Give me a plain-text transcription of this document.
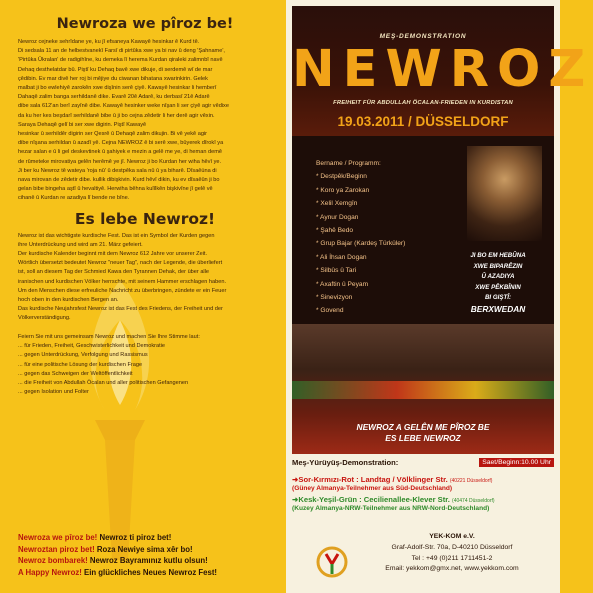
Newroza we pîroz be!

Newroz cejneke sehrîdane ye, ku jî efsaneya Kawayê hesinkar ê Kurd tê.
Di sedsala 11 an de helbestvanekî Farsî di pirtûka xwe ya bi nav û deng 'Şahname',
'Pirtûka Ûkralan' de radigihîne, ku demeka lî herema Kurdan qiraleki zalimnbî navê
Dehaq desthelatdar bû. Piştî ku Dehaq bavê xwe dikuje, di serdemê wî de mar
çêdibin. Ev mar divê her roj bi mêjiye du ciwanan bihatana xwarinkirin. Gelek
malbat ji bo ewlehiyê zarokên xwe dişînin serê çiyê. Kawayê hesinkar li hemberî
Dahaqê zalim banga serhildanê dike. Evarê 20ê Adarê, ku derbasî 21ê Adarê
dibe sala 612'an berî zayînê dibe. Kawayê hesinker weke nîşan li ser çiyê agir vêdixe
da ku her kes beşdarî serhildanê bibe û ji bo cejna zêdetir li her derê agir vêxin.
Saraya Dehaqê gelî bi ser xwe digirin. Piştî Kawayê
hesinkar û serhildêr digirin ser Qesrê û Dehaqê zalim dikujin. Bi vê yekê agir
dibe nîşana serhildan û azadî yê. Cejna NEWROZ ê bi serê xwe, bûyerek dîrokî ya
hezar salan e û li gel deskevtinek û şahiyek e mezin a gelê me ye, di heman demê
de rûmeteke mirovatiya gelên herêmê ye jî. Newroz ji bo Kurdan her wiha hêvî ye.
Ji ber ku Newroz tê wateya 'roja nû' û destpêka sala nû û ya biharê. Dîsaêüna di
nava mirovan de zêdetir dibe. kullik dibişkivin. Kurd hêvî dikin, ku ev dîsaêûn ji bo
gelan bibe bingeha aştî û hevaltiyê. Herwiha bêhna kulîlkên bişkivîne jî gelê vê
cihanê û Kurdan re azadiya lî bende ne bîne.

Es lebe Newroz!

Newroz ist das wichtigste kurdische Fest. Das ist ein Symbol der Kurden gegen
ihre Unterdrückung und wird am 21. März gefeiert.
Der kurdische Kalender beginnt mit dem Newroz 612 Jahre vor unserer Zeit.
Wörtlich übersetzt bedeutet Newroz "neuer Tag", nach der Legende, die überliefert
ist, soll an diesem Tag der Schmied Kawa den Tyrannen Dehak, der über alle
iranischen und kurdischen Völker herrschte, mit seinem Hammer erschlagen haben.
Um den Menschen diese erfreuliche Nachricht zu überbringen, zündete er ein Feuer
hoch oben in den kurdischen Bergen an.
Das kurdische Neujahrsfest Newroz ist das Fest des Friedens, der Freiheit und der
Völkerverständigung.

Feiern Sie mit uns gemeinsam Newroz und machen Sie Ihre Stimme laut:
... für Frieden, Freiheit, Geschwisterlichkeit und Demokratie
... gegen Unterdrückung, Verfolgung und Rassismus
... für eine politische Lösung der kurdischen Frage
... gegen das Schweigen der Weltöffentlichkeit
... die Freiheit von Abdullah Öcalan und aller politischen Gefangenen
... gegen Isolation und Folter

Newroza we pîroz be! Newroz ti piroz bet!
Newroztan piroz bet! Roza Newiye sima xêr bo!
Newroz bombarek! Newroz Bayramınız kutlu olsun!
A Happy Newroz! Ein glückliches Neues Newroz Fest!
MEŞ-DEMONSTRATION
NEWROZ
FREIHEIT FÜR ABDULLAH ÖCALAN-FRIEDEN IN KURDISTAN
19.03.2011 / DÜSSELDORF
Bername / Programm:
* Destpêk/Beginn
* Koro ya Zarokan
* Xelil Xemgîn
* Aynur Dogan
* Şahê Bedo
* Grup Bajar (Kardeş Türküler)
* Ali İhsan Dogan
* Silbûs û Tari
* Axaftin û Peyam
* Sinevizyon
* Govend
JI BO EM HEBÛNA
XWE BIPARÊZIN
Û AZADIYA
XWE PÊKBÎNIN
BI GIŞTÎ:
BERXWEDAN
NEWROZ A GELÊN ME PÎROZ BE
ES LEBE NEWROZ
Meş-Yürüyüş-Demonstration:	Saet/Beginn:10.00 Uhr
➜Sor-Kırmızı-Rot : Landtag / Völklinger Str. (40221 Düsseldorf)
(Güney Almanya-Teilnehmer aus Süd-Deutschland)
➜Kesk-Yeşil-Grün : Cecilienallee-Klever Str. (40474 Düsseldorf)
(Kuzey Almanya-NRW-Teilnehmer aus NRW-Nord-Deutschland)
YEK-KOM e.V.
Graf-Adolf-Str. 70a, D-40210 Düsseldorf
Tel : +49 (0)211 1711451-2
Email: yekkom@gmx.net, www.yekkom.com
